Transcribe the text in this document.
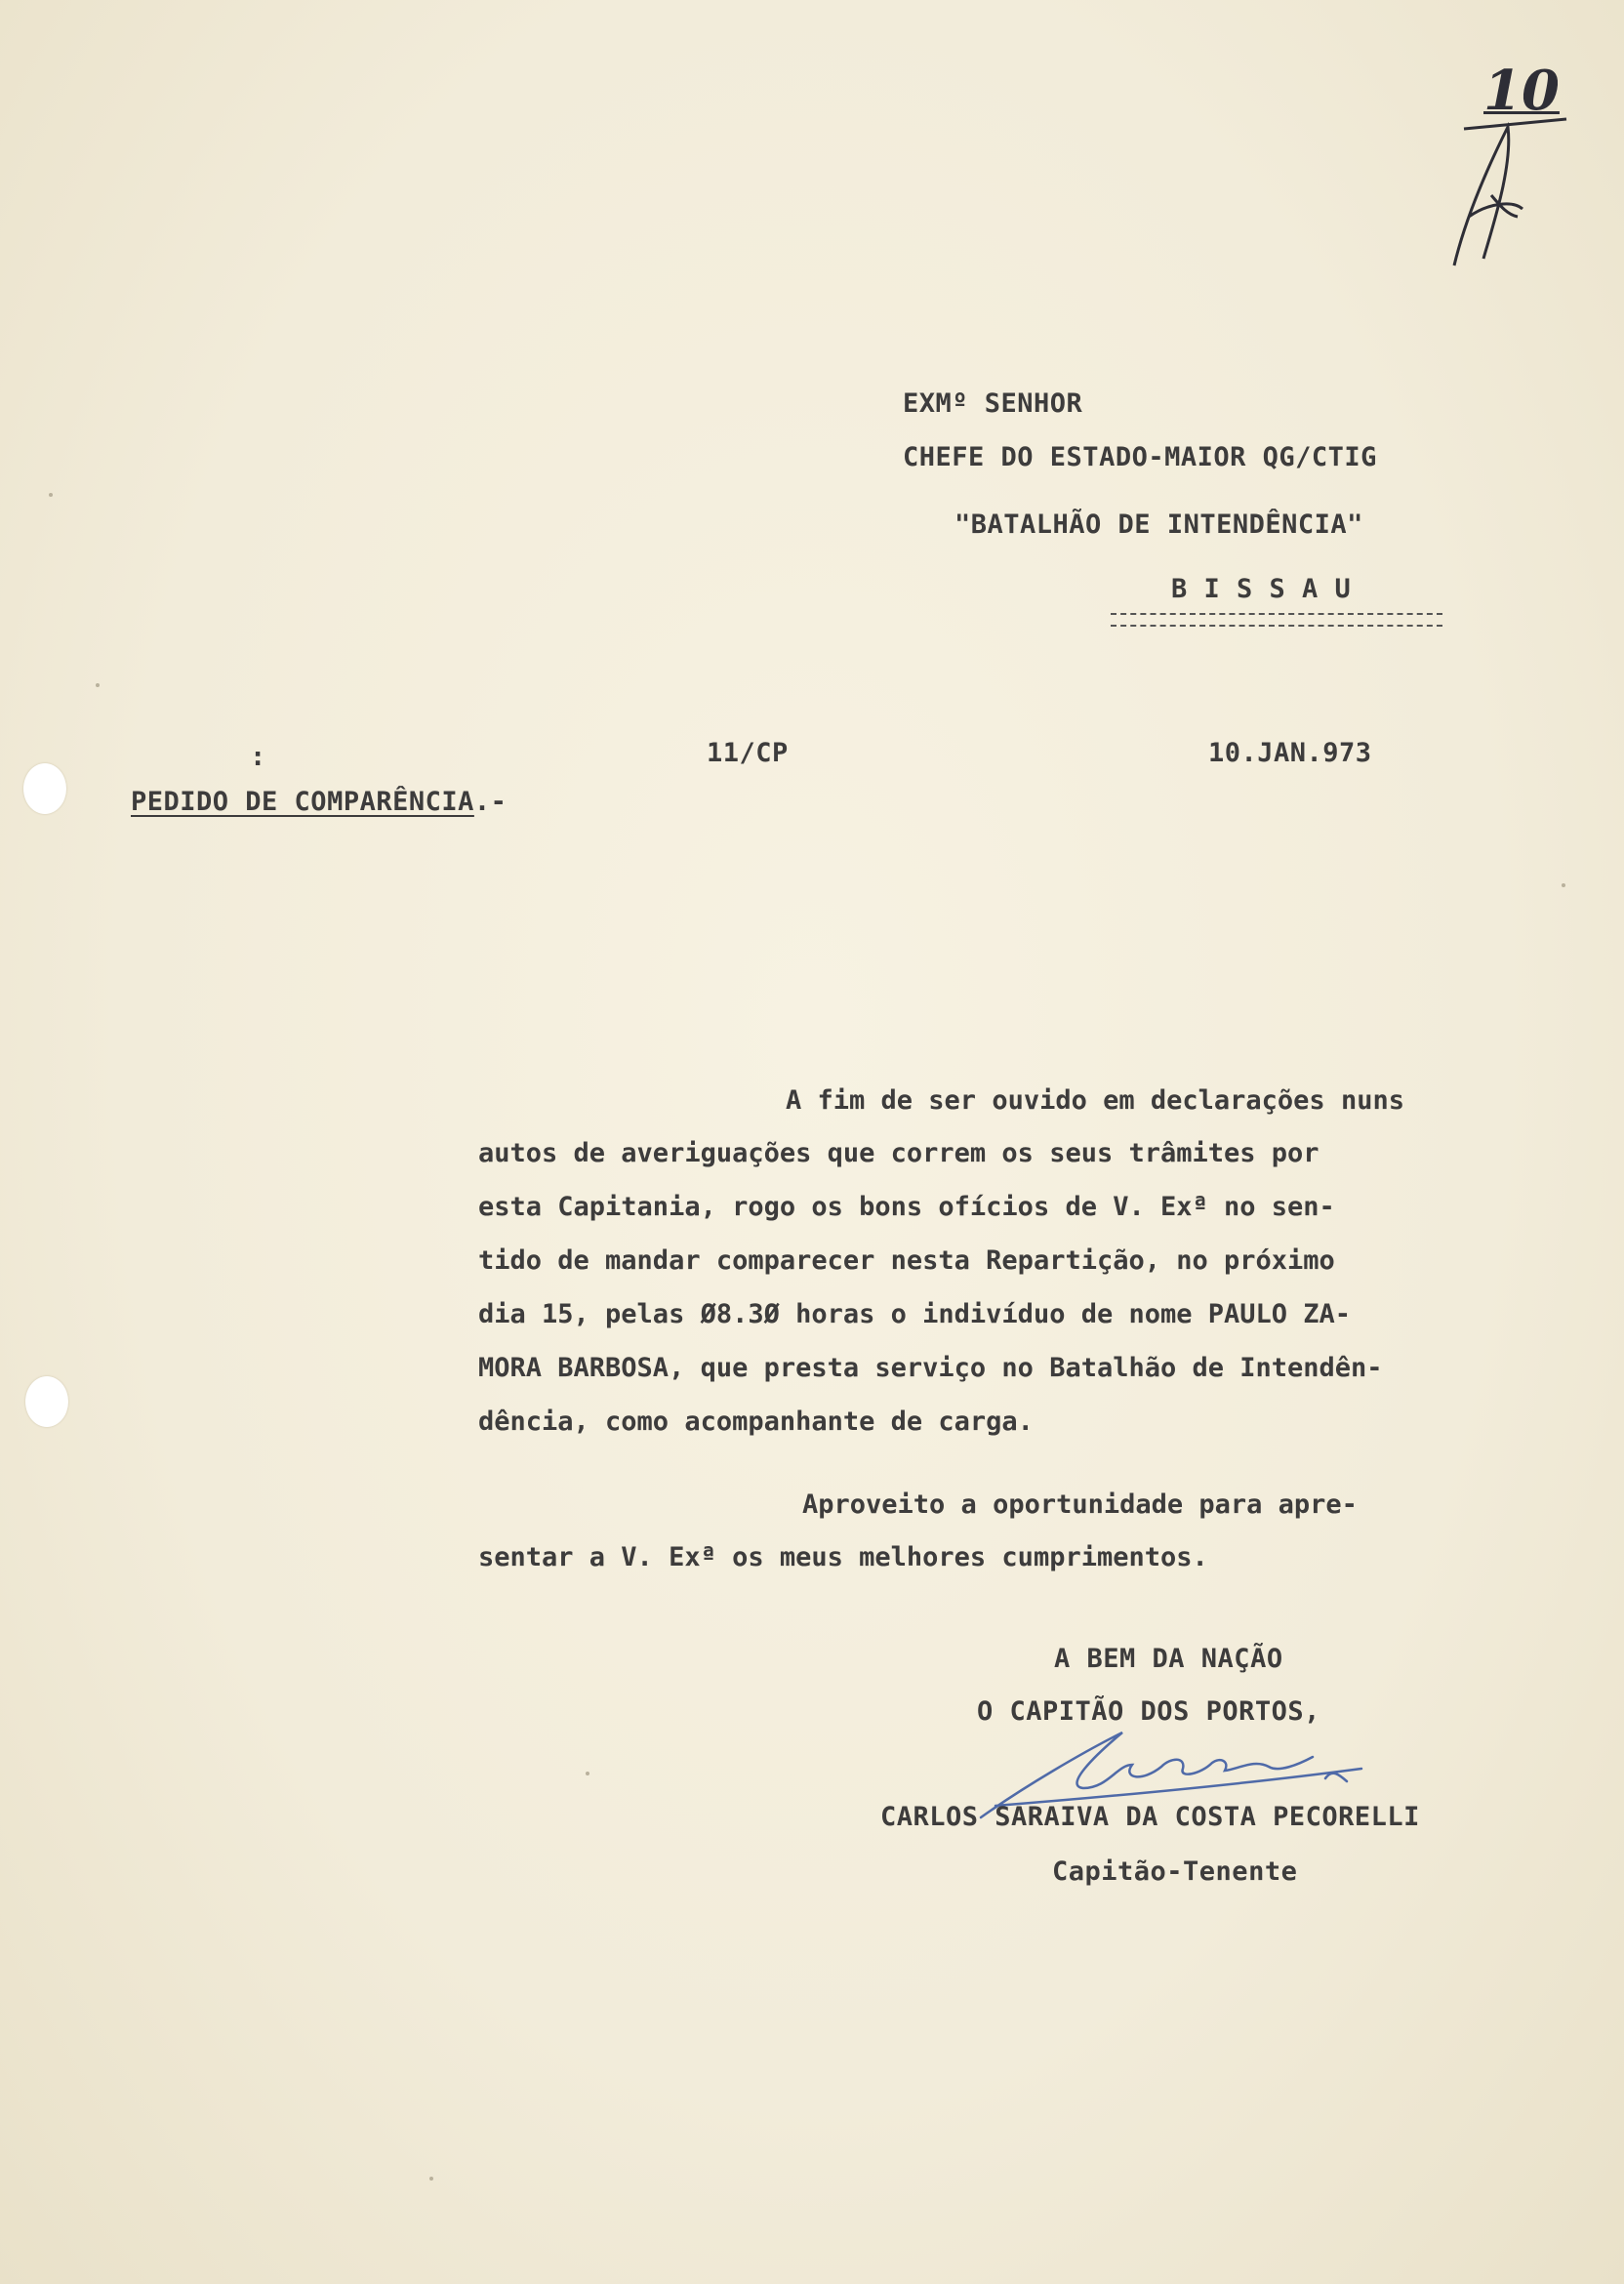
10
EXMº SENHOR
CHEFE DO ESTADO-MAIOR QG/CTIG
"BATALHÃO DE INTENDÊNCIA"
B I S S A U
:	11/CP	10.JAN.973
PEDIDO DE COMPARÊNCIA.-
A fim de ser ouvido em declarações nuns
autos de averiguações que correm os seus trâmites por
esta Capitania, rogo os bons ofícios de V. Exª no sen-
tido de mandar comparecer nesta Repartição, no próximo
dia 15, pelas Ø8.3Ø horas o indivíduo de nome PAULO ZA-
MORA BARBOSA, que presta serviço no Batalhão de Intendên-
dência, como acompanhante de carga.
Aproveito a oportunidade para apre-
sentar a V. Exª os meus melhores cumprimentos.
A BEM DA NAÇÃO
O CAPITÃO DOS PORTOS,
CARLOS SARAIVA DA COSTA PECORELLI
Capitão-Tenente
